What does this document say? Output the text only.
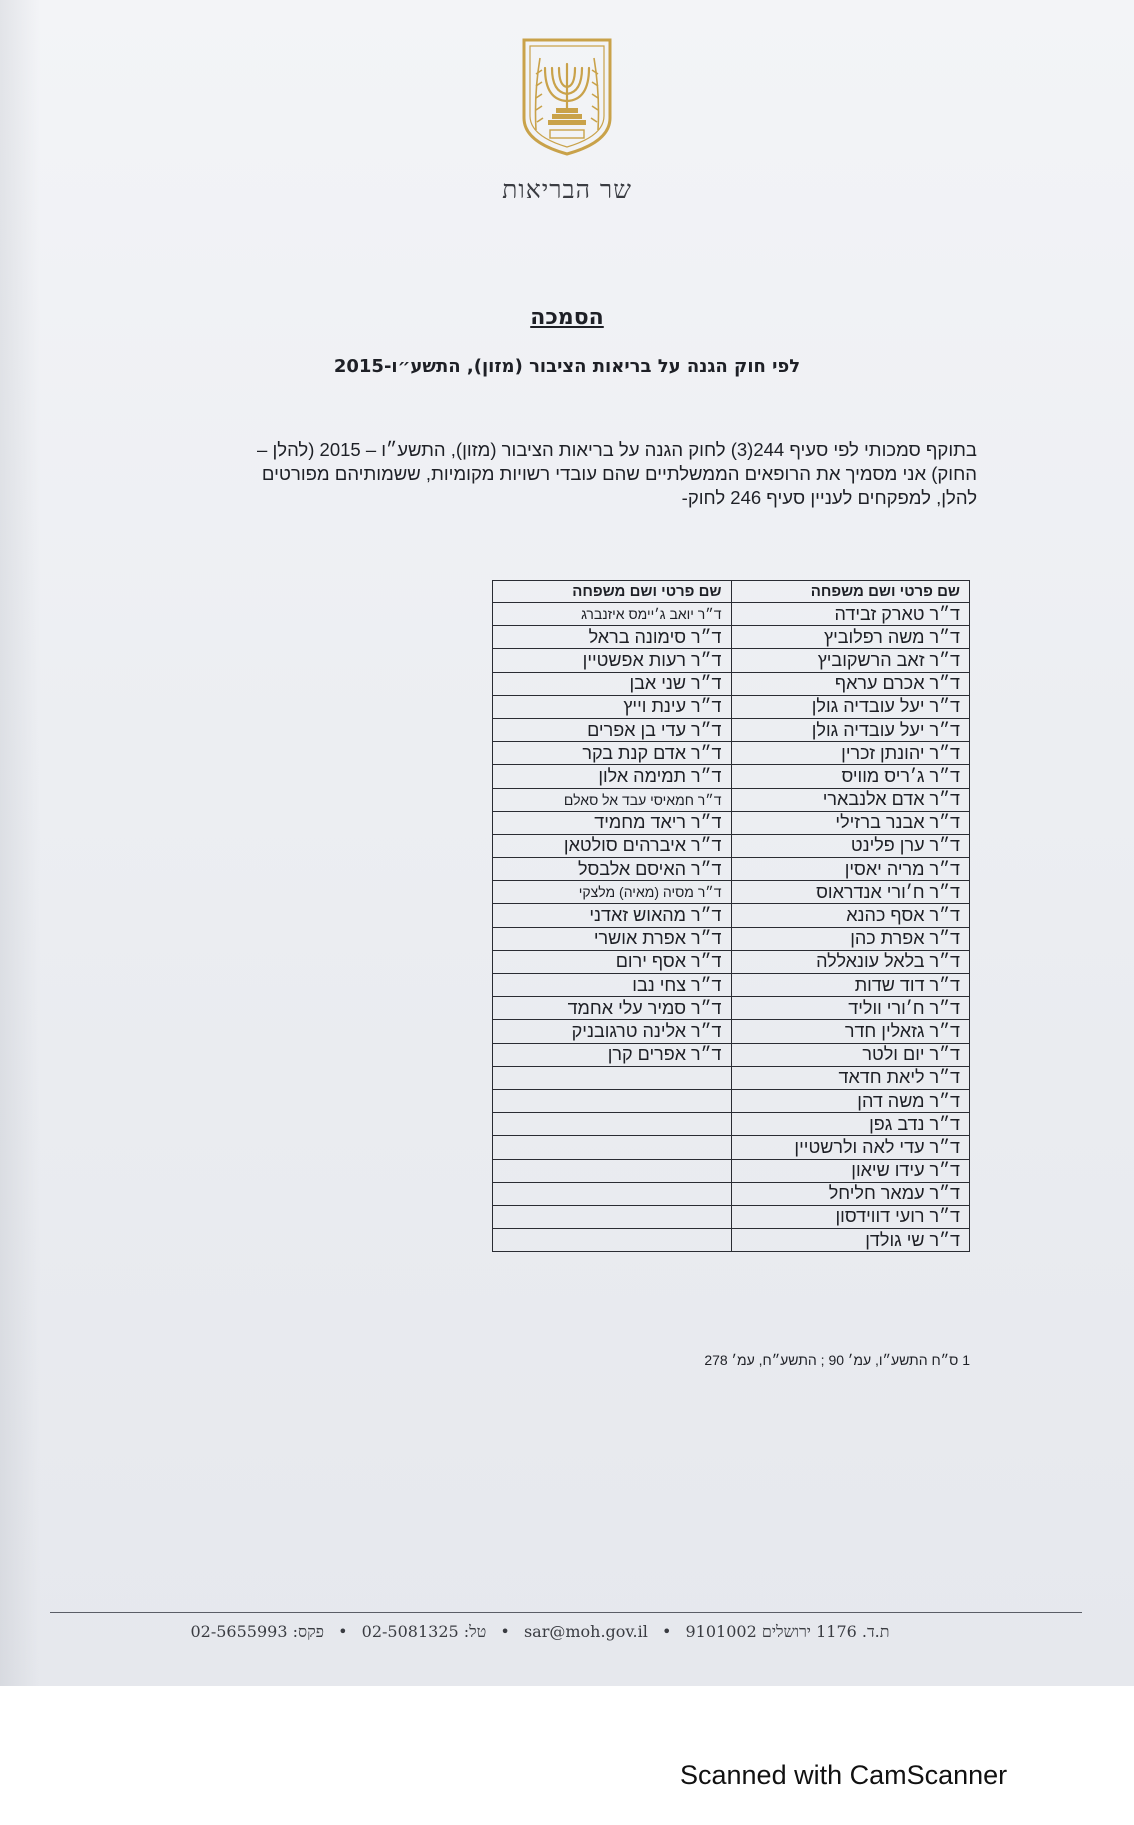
שר הבריאות
הסמכה
לפי חוק הגנה על בריאות הציבור (מזון), התשע״ו-2015
בתוקף סמכותי לפי סעיף 244(3) לחוק הגנה על בריאות הציבור (מזון), התשע״ו – 2015 (להלן –
החוק) אני מסמיך את הרופאים הממשלתיים שהם עובדי רשויות מקומיות, ששמותיהם מפורטים
להלן, למפקחים לעניין סעיף 246 לחוק-
שם פרטי ושם משפחה	שם פרטי ושם משפחה
ד״ר טארק זבידה	ד״ר יואב ג׳יימס איזנברג
ד״ר משה רפלוביץ	ד״ר סימונה בראל
ד״ר זאב הרשקוביץ	ד״ר רעות אפשטיין
ד״ר אכרם עראף	ד״ר שני אבן
ד״ר יעל עובדיה גולן	ד״ר עינת וייץ
ד״ר יעל עובדיה גולן	ד״ר עדי בן אפרים
ד״ר יהונתן זכרין	ד״ר אדם קנת בקר
ד״ר ג׳ריס מוויס	ד״ר תמימה אלון
ד״ר אדם אלנבארי	ד״ר חמאיסי עבד אל סאלם
ד״ר אבנר ברזילי	ד״ר ריאד מחמיד
ד״ר ערן פלינט	ד״ר איברהים סולטאן
ד״ר מריה יאסין	ד״ר האיסם אלבסל
ד״ר ח׳ורי אנדראוס	ד״ר מסיה (מאיה) מלצקי
ד״ר אסף כהנא	ד״ר מהאוש זאדני
ד״ר אפרת כהן	ד״ר אפרת אושרי
ד״ר בלאל עונאללה	ד״ר אסף ירום
ד״ר דוד שדות	ד״ר צחי נבו
ד״ר ח׳ורי ווליד	ד״ר סמיר עלי אחמד
ד״ר גזאלין חדר	ד״ר אלינה טרגובניק
ד״ר יום ולטר	ד״ר אפרים קרן
ד״ר ליאת חדאד	
ד״ר משה דהן	
ד״ר נדב גפן	
ד״ר עדי לאה ולרשטיין	
ד״ר עידו שיאון	
ד״ר עמאר חליחל	
ד״ר רועי דווידסון	
ד״ר שי גולדן	
1 ס״ח התשע״ו, עמ׳ 90 ; התשע״ח, עמ׳ 278
ת.ד. 1176 ירושלים 9101002 • sar@moh.gov.il • טל: 02-5081325 • פקס: 02-5655993
Scanned with CamScanner
